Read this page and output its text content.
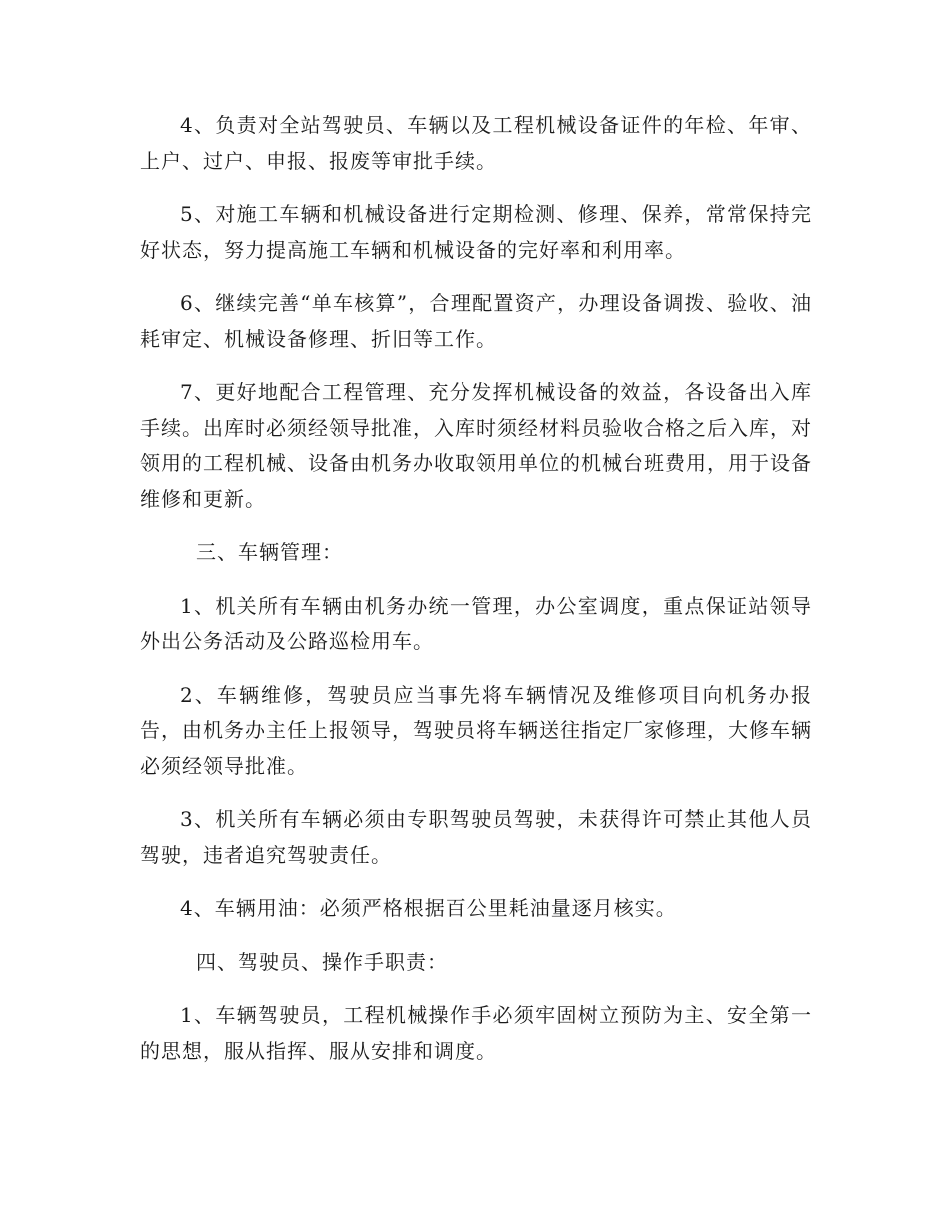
4、负责对全站驾驶员、车辆以及工程机械设备证件的年检、年审、上户、过户、申报、报废等审批手续。

5、对施工车辆和机械设备进行定期检测、修理、保养，常常保持完好状态，努力提高施工车辆和机械设备的完好率和利用率。

6、继续完善“单车核算”，合理配置资产，办理设备调拨、验收、油耗审定、机械设备修理、折旧等工作。

7、更好地配合工程管理、充分发挥机械设备的效益，各设备出入库手续。出库时必须经领导批准，入库时须经材料员验收合格之后入库，对领用的工程机械、设备由机务办收取领用单位的机械台班费用，用于设备维修和更新。

三、车辆管理：

1、机关所有车辆由机务办统一管理，办公室调度，重点保证站领导外出公务活动及公路巡检用车。

2、车辆维修，驾驶员应当事先将车辆情况及维修项目向机务办报告，由机务办主任上报领导，驾驶员将车辆送往指定厂家修理，大修车辆必须经领导批准。

3、机关所有车辆必须由专职驾驶员驾驶，未获得许可禁止其他人员驾驶，违者追究驾驶责任。

4、车辆用油：必须严格根据百公里耗油量逐月核实。

四、驾驶员、操作手职责：

1、车辆驾驶员，工程机械操作手必须牢固树立预防为主、安全第一的思想，服从指挥、服从安排和调度。
